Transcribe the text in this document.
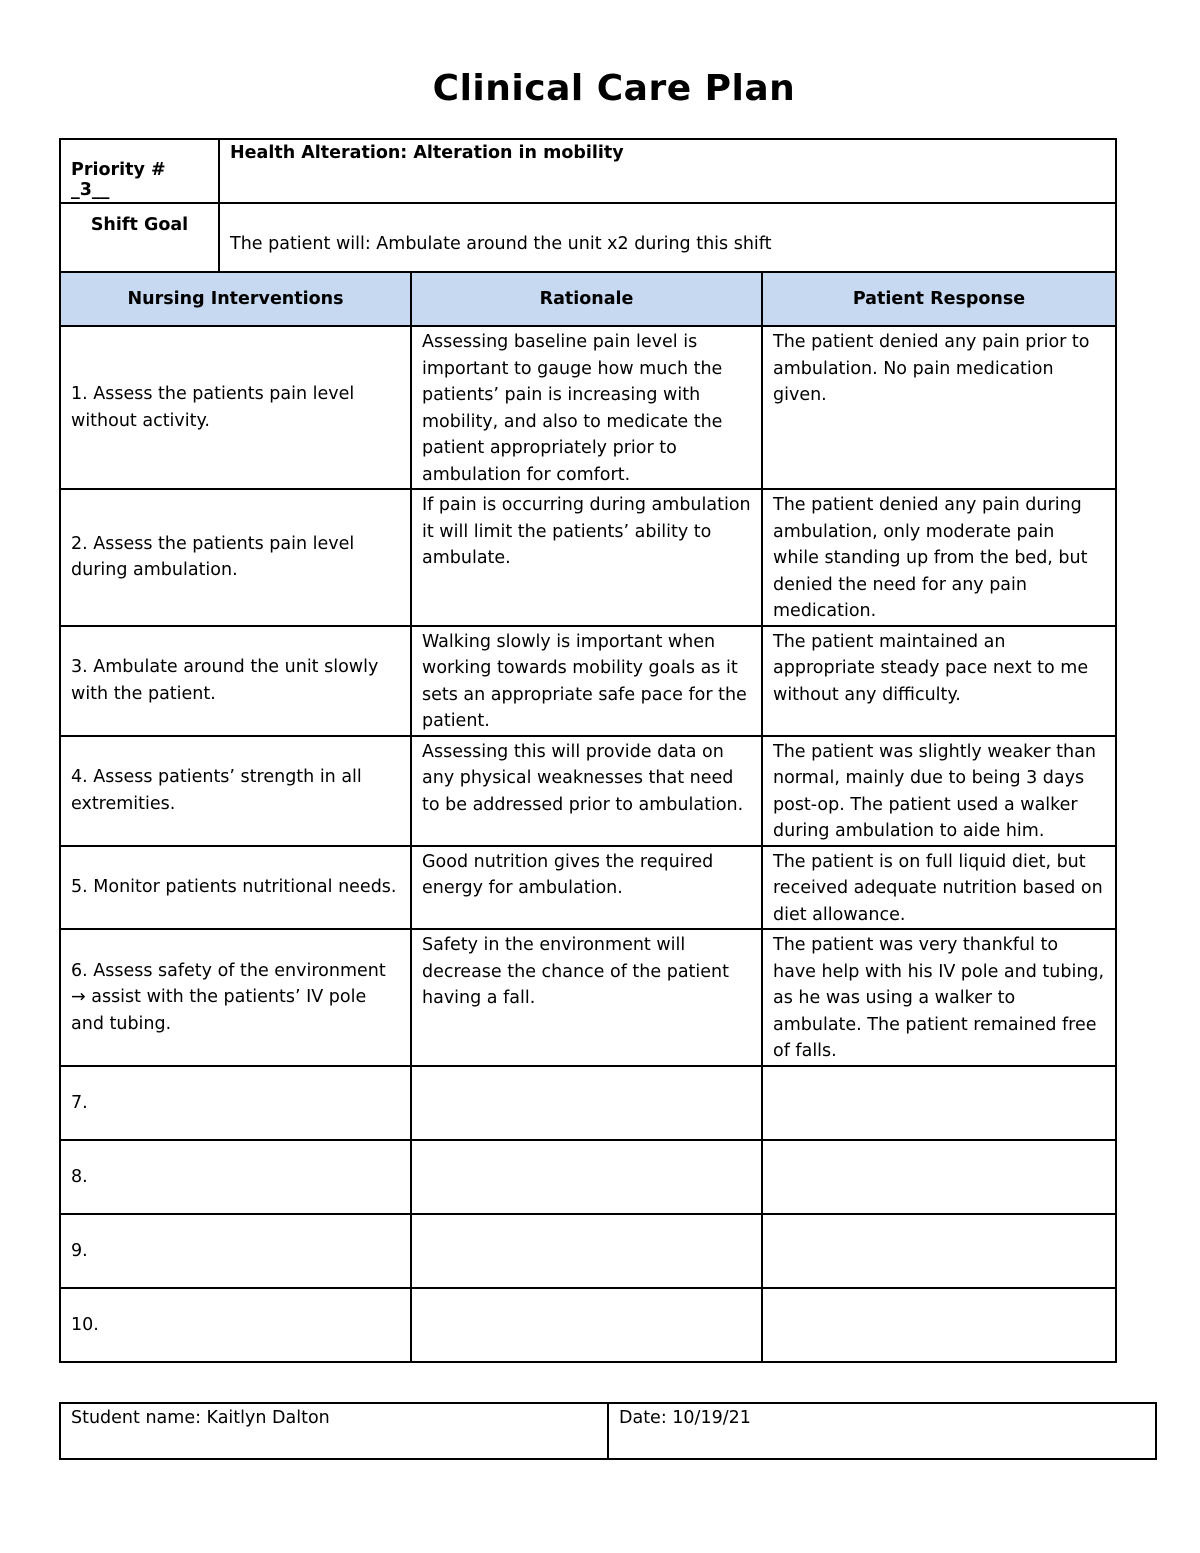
Clinical Care Plan
Priority # _3__	Health Alteration: Alteration in mobility
Shift Goal	The patient will: Ambulate around the unit x2 during this shift
Nursing Interventions	Rationale	Patient Response
1. Assess the patients pain level without activity.	Assessing baseline pain level is important to gauge how much the patients’ pain is increasing with mobility, and also to medicate the patient appropriately prior to ambulation for comfort.	The patient denied any pain prior to ambulation. No pain medication given.
2. Assess the patients pain level during ambulation.	If pain is occurring during ambulation it will limit the patients’ ability to ambulate.	The patient denied any pain during ambulation, only moderate pain while standing up from the bed, but denied the need for any pain medication.
3. Ambulate around the unit slowly with the patient.	Walking slowly is important when working towards mobility goals as it sets an appropriate safe pace for the patient.	The patient maintained an appropriate steady pace next to me without any difficulty.
4. Assess patients’ strength in all extremities.	Assessing this will provide data on any physical weaknesses that need to be addressed prior to ambulation.	The patient was slightly weaker than normal, mainly due to being 3 days post-op. The patient used a walker during ambulation to aide him.
5. Monitor patients nutritional needs.	Good nutrition gives the required energy for ambulation.	The patient is on full liquid diet, but received adequate nutrition based on diet allowance.
6. Assess safety of the environment → assist with the patients’ IV pole and tubing.	Safety in the environment will decrease the chance of the patient having a fall.	The patient was very thankful to have help with his IV pole and tubing, as he was using a walker to ambulate. The patient remained free of falls.
7.		
8.		
9.		
10.		
Student name: Kaitlyn Dalton	Date: 10/19/21
